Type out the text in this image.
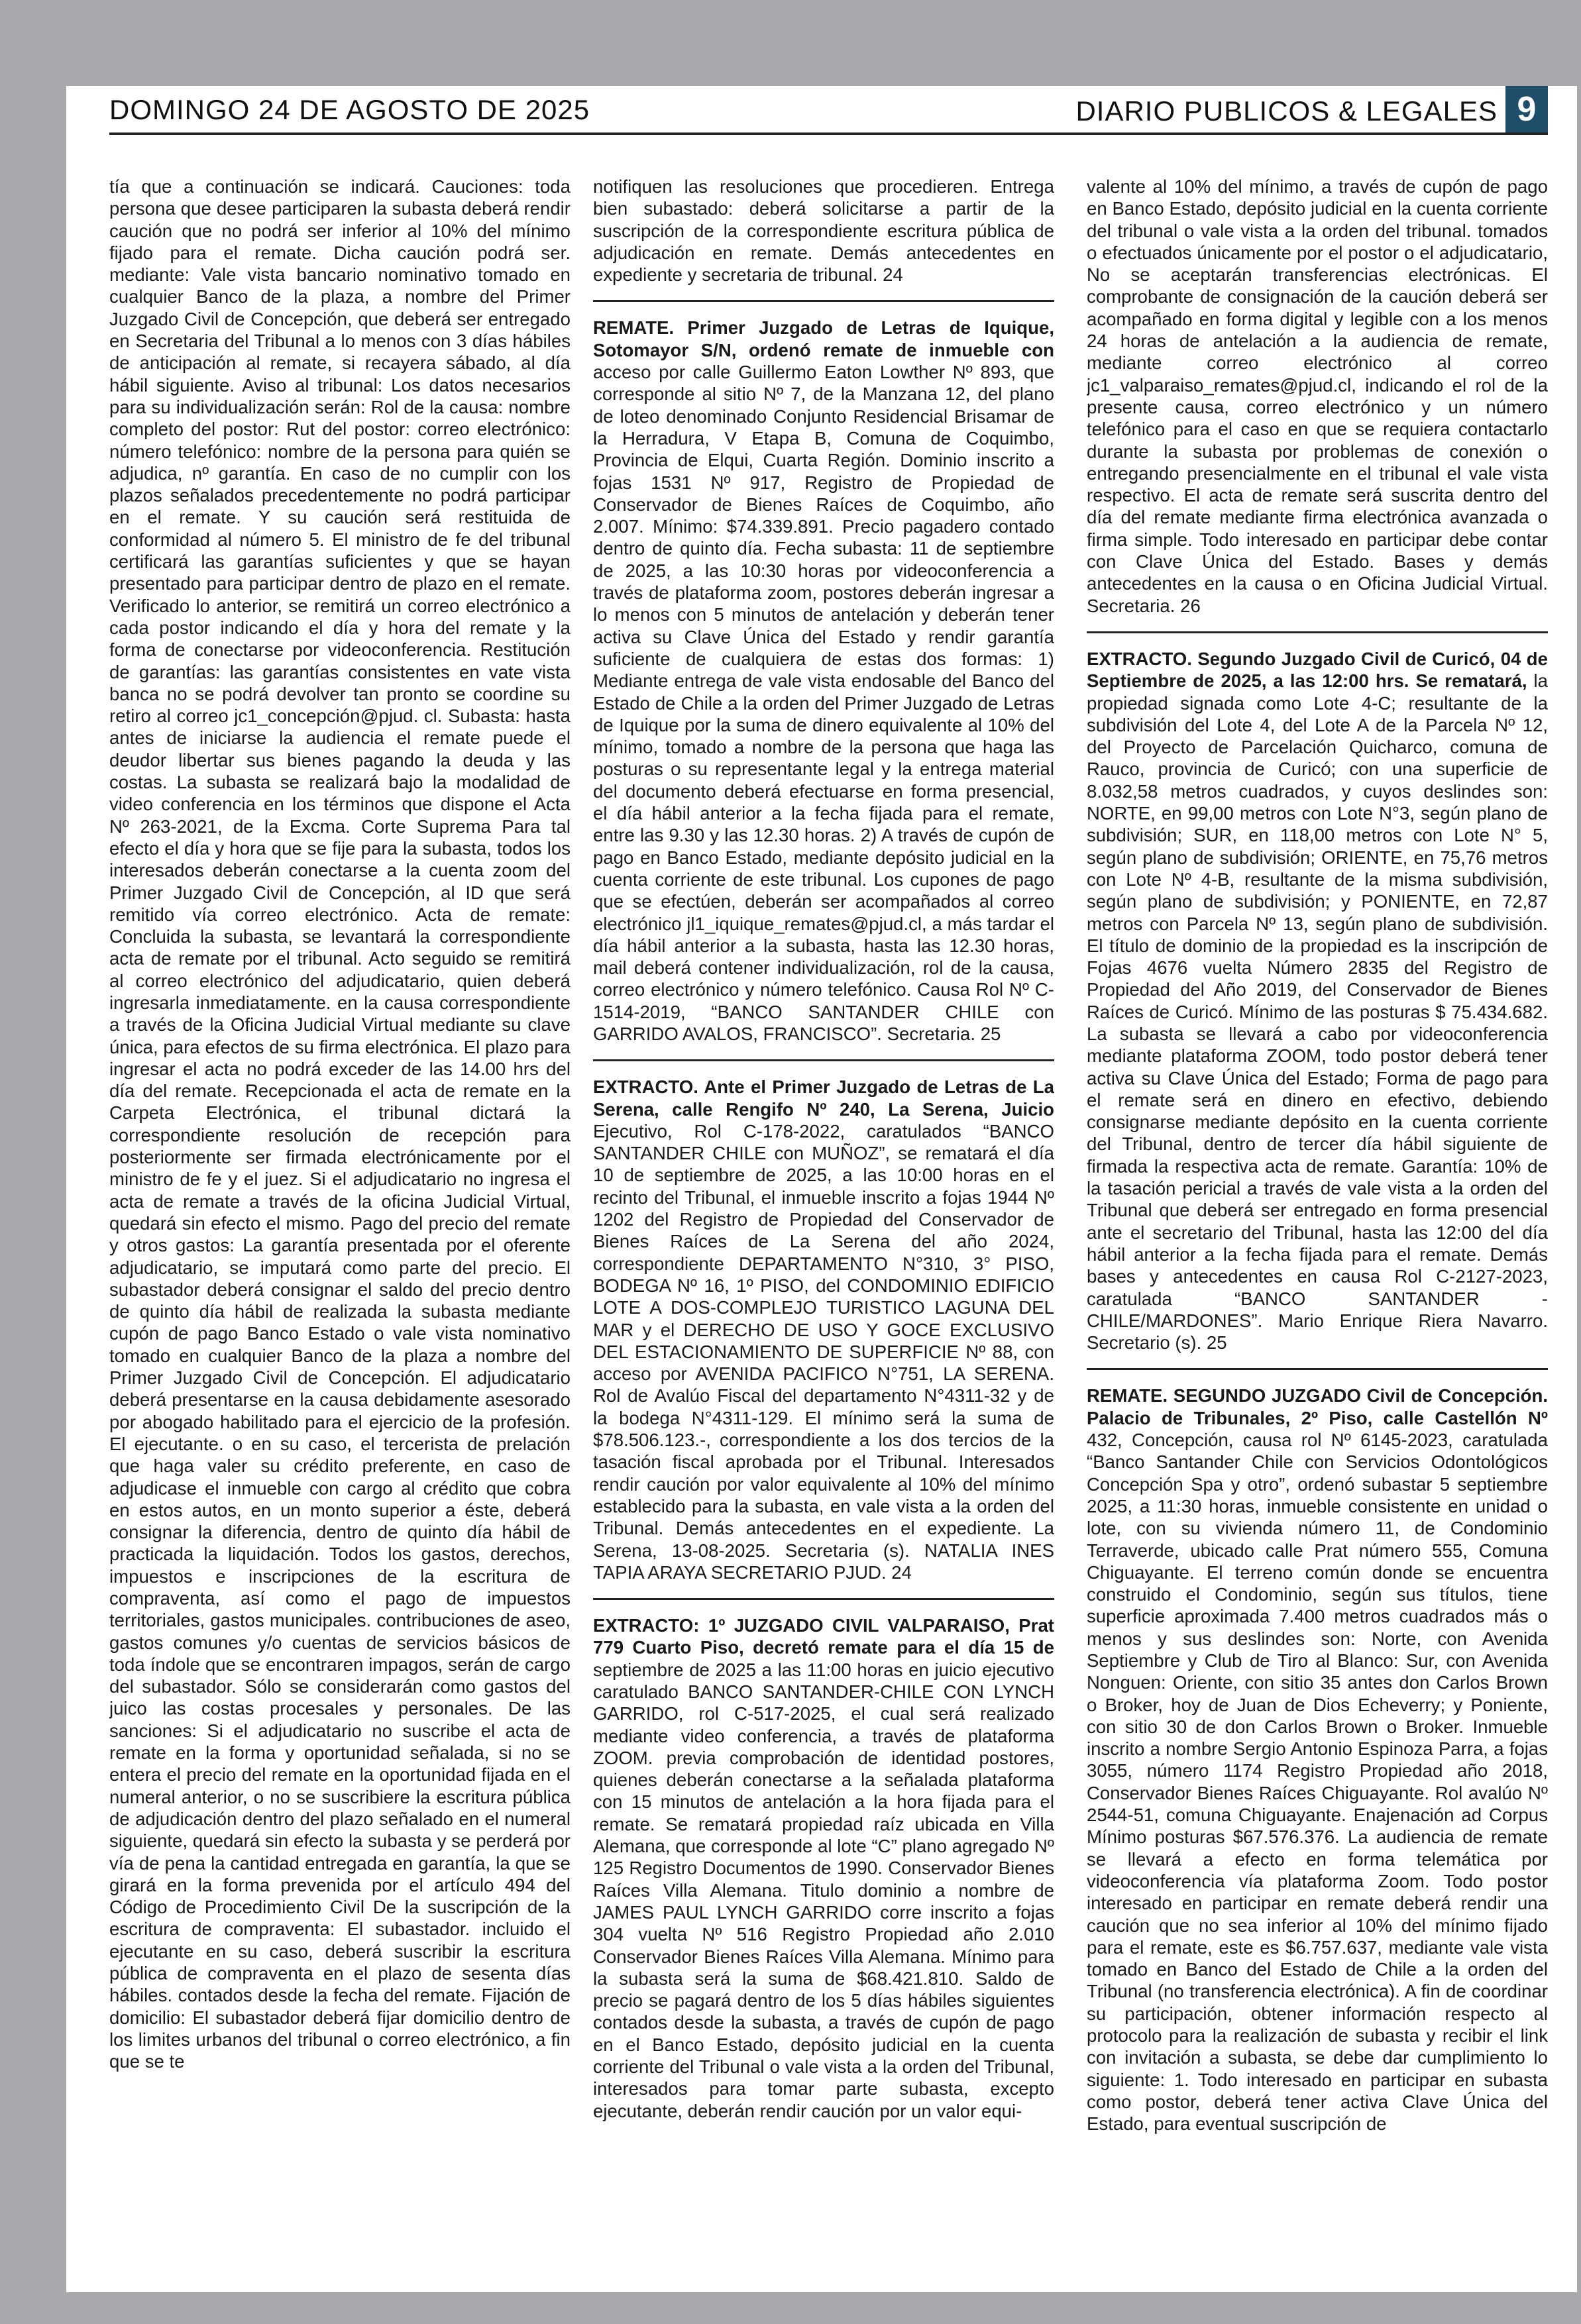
DOMINGO 24 DE AGOSTO DE 2025	DIARIO PUBLICOS & LEGALES 9

tía que a continuación se indicará. Cauciones: toda persona que desee participaren la subasta deberá rendir caución que no podrá ser inferior al 10% del mínimo fijado para el remate. Dicha caución podrá ser. mediante: Vale vista bancario nominativo tomado en cualquier Banco de la plaza, a nombre del Primer Juzgado Civil de Concepción, que deberá ser entregado en Secretaria del Tribunal a lo menos con 3 días hábiles de anticipación al remate, si recayera sábado, al día hábil siguiente. Aviso al tribunal: Los datos necesarios para su individualización serán: Rol de la causa: nombre completo del postor: Rut del postor: correo electrónico: número telefónico: nombre de la persona para quién se adjudica, nº garantía. En caso de no cumplir con los plazos señalados precedentemente no podrá participar en el remate. Y su caución será restituida de conformidad al número 5. El ministro de fe del tribunal certificará las garantías suficientes y que se hayan presentado para participar dentro de plazo en el remate. Verificado lo anterior, se remitirá un correo electrónico a cada postor indicando el día y hora del remate y la forma de conectarse por videoconferencia. Restitución de garantías: las garantías consistentes en vate vista banca no se podrá devolver tan pronto se coordine su retiro al correo jc1_concepción@pjud. cl. Subasta: hasta antes de iniciarse la audiencia el remate puede el deudor libertar sus bienes pagando la deuda y las costas. La subasta se realizará bajo la modalidad de video conferencia en los términos que dispone el Acta Nº 263-2021, de la Excma. Corte Suprema Para tal efecto el día y hora que se fije para la subasta, todos los interesados deberán conectarse a la cuenta zoom del Primer Juzgado Civil de Concepción, al ID que será remitido vía correo electrónico. Acta de remate: Concluida la subasta, se levantará la correspondiente acta de remate por el tribunal. Acto seguido se remitirá al correo electrónico del adjudicatario, quien deberá ingresarla inmediatamente. en la causa correspondiente a través de la Oficina Judicial Virtual mediante su clave única, para efectos de su firma electrónica. El plazo para ingresar el acta no podrá exceder de las 14.00 hrs del día del remate. Recepcionada el acta de remate en la Carpeta Electrónica, el tribunal dictará la correspondiente resolución de recepción para posteriormente ser firmada electrónicamente por el ministro de fe y el juez. Si el adjudicatario no ingresa el acta de remate a través de la oficina Judicial Virtual, quedará sin efecto el mismo. Pago del precio del remate y otros gastos: La garantía presentada por el oferente adjudicatario, se imputará como parte del precio. El subastador deberá consignar el saldo del precio dentro de quinto día hábil de realizada la subasta mediante cupón de pago Banco Estado o vale vista nominativo tomado en cualquier Banco de la plaza a nombre del Primer Juzgado Civil de Concepción. El adjudicatario deberá presentarse en la causa debidamente asesorado por abogado habilitado para el ejercicio de la profesión. El ejecutante. o en su caso, el tercerista de prelación que haga valer su crédito preferente, en caso de adjudicase el inmueble con cargo al crédito que cobra en estos autos, en un monto superior a éste, deberá consignar la diferencia, dentro de quinto día hábil de practicada la liquidación. Todos los gastos, derechos, impuestos e inscripciones de la escritura de compraventa, así como el pago de impuestos territoriales, gastos municipales. contribuciones de aseo, gastos comunes y/o cuentas de servicios básicos de toda índole que se encontraren impagos, serán de cargo del subastador. Sólo se considerarán como gastos del juico las costas procesales y personales. De las sanciones: Si el adjudicatario no suscribe el acta de remate en la forma y oportunidad señalada, si no se entera el precio del remate en la oportunidad fijada en el numeral anterior, o no se suscribiere la escritura pública de adjudicación dentro del plazo señalado en el numeral siguiente, quedará sin efecto la subasta y se perderá por vía de pena la cantidad entregada en garantía, la que se girará en la forma prevenida por el artículo 494 del Código de Procedimiento Civil De la suscripción de la escritura de compraventa: El subastador. incluido el ejecutante en su caso, deberá suscribir la escritura pública de compraventa en el plazo de sesenta días hábiles. contados desde la fecha del remate. Fijación de domicilio: El subastador deberá fijar domicilio dentro de los limites urbanos del tribunal o correo electrónico, a fin que se te

notifiquen las resoluciones que procedieren. Entrega bien subastado: deberá solicitarse a partir de la suscripción de la correspondiente escritura pública de adjudicación en remate. Demás antecedentes en expediente y secretaria de tribunal. 24

REMATE. Primer Juzgado de Letras de Iquique, Sotomayor S/N, ordenó remate de inmueble con acceso por calle Guillermo Eaton Lowther Nº 893, que corresponde al sitio Nº 7, de la Manzana 12, del plano de loteo denominado Conjunto Residencial Brisamar de la Herradura, V Etapa B, Comuna de Coquimbo, Provincia de Elqui, Cuarta Región. Dominio inscrito a fojas 1531 Nº 917, Registro de Propiedad de Conservador de Bienes Raíces de Coquimbo, año 2.007. Mínimo: $74.339.891. Precio pagadero contado dentro de quinto día. Fecha subasta: 11 de septiembre de 2025, a las 10:30 horas por videoconferencia a través de plataforma zoom, postores deberán ingresar a lo menos con 5 minutos de antelación y deberán tener activa su Clave Única del Estado y rendir garantía suficiente de cualquiera de estas dos formas: 1) Mediante entrega de vale vista endosable del Banco del Estado de Chile a la orden del Primer Juzgado de Letras de Iquique por la suma de dinero equivalente al 10% del mínimo, tomado a nombre de la persona que haga las posturas o su representante legal y la entrega material del documento deberá efectuarse en forma presencial, el día hábil anterior a la fecha fijada para el remate, entre las 9.30 y las 12.30 horas. 2) A través de cupón de pago en Banco Estado, mediante depósito judicial en la cuenta corriente de este tribunal. Los cupones de pago que se efectúen, deberán ser acompañados al correo electrónico jl1_iquique_remates@pjud.cl, a más tardar el día hábil anterior a la subasta, hasta las 12.30 horas, mail deberá contener individualización, rol de la causa, correo electrónico y número telefónico. Causa Rol Nº C-1514-2019, “BANCO SANTANDER CHILE con GARRIDO AVALOS, FRANCISCO”. Secretaria. 25

EXTRACTO. Ante el Primer Juzgado de Letras de La Serena, calle Rengifo Nº 240, La Serena, Juicio Ejecutivo, Rol C-178-2022, caratulados “BANCO SANTANDER CHILE con MUÑOZ”, se rematará el día 10 de septiembre de 2025, a las 10:00 horas en el recinto del Tribunal, el inmueble inscrito a fojas 1944 Nº 1202 del Registro de Propiedad del Conservador de Bienes Raíces de La Serena del año 2024, correspondiente DEPARTAMENTO N°310, 3° PISO, BODEGA Nº 16, 1º PISO, del CONDOMINIO EDIFICIO LOTE A DOS-COMPLEJO TURISTICO LAGUNA DEL MAR y el DERECHO DE USO Y GOCE EXCLUSIVO DEL ESTACIONAMIENTO DE SUPERFICIE Nº 88, con acceso por AVENIDA PACIFICO N°751, LA SERENA. Rol de Avalúo Fiscal del departamento N°4311-32 y de la bodega N°4311-129. El mínimo será la suma de $78.506.123.-, correspondiente a los dos tercios de la tasación fiscal aprobada por el Tribunal. Interesados rendir caución por valor equivalente al 10% del mínimo establecido para la subasta, en vale vista a la orden del Tribunal. Demás antecedentes en el expediente. La Serena, 13-08-2025. Secretaria (s). NATALIA INES TAPIA ARAYA SECRETARIO PJUD. 24

EXTRACTO: 1º JUZGADO CIVIL VALPARAISO, Prat 779 Cuarto Piso, decretó remate para el día 15 de septiembre de 2025 a las 11:00 horas en juicio ejecutivo caratulado BANCO SANTANDER-CHILE CON LYNCH GARRIDO, rol C-517-2025, el cual será realizado mediante video conferencia, a través de plataforma ZOOM. previa comprobación de identidad postores, quienes deberán conectarse a la señalada plataforma con 15 minutos de antelación a la hora fijada para el remate. Se rematará propiedad raíz ubicada en Villa Alemana, que corresponde al lote “C” plano agregado Nº 125 Registro Documentos de 1990. Conservador Bienes Raíces Villa Alemana. Titulo dominio a nombre de JAMES PAUL LYNCH GARRIDO corre inscrito a fojas 304 vuelta Nº 516 Registro Propiedad año 2.010 Conservador Bienes Raíces Villa Alemana. Mínimo para la subasta será la suma de $68.421.810. Saldo de precio se pagará dentro de los 5 días hábiles siguientes contados desde la subasta, a través de cupón de pago en el Banco Estado, depósito judicial en la cuenta corriente del Tribunal o vale vista a la orden del Tribunal, interesados para tomar parte subasta, excepto ejecutante, deberán rendir caución por un valor equi-

valente al 10% del mínimo, a través de cupón de pago en Banco Estado, depósito judicial en la cuenta corriente del tribunal o vale vista a la orden del tribunal. tomados o efectuados únicamente por el postor o el adjudicatario, No se aceptarán transferencias electrónicas. El comprobante de consignación de la caución deberá ser acompañado en forma digital y legible con a los menos 24 horas de antelación a la audiencia de remate, mediante correo electrónico al correo jc1_valparaiso_remates@pjud.cl, indicando el rol de la presente causa, correo electrónico y un número telefónico para el caso en que se requiera contactarlo durante la subasta por problemas de conexión o entregando presencialmente en el tribunal el vale vista respectivo. El acta de remate será suscrita dentro del día del remate mediante firma electrónica avanzada o firma simple. Todo interesado en participar debe contar con Clave Única del Estado. Bases y demás antecedentes en la causa o en Oficina Judicial Virtual. Secretaria. 26

EXTRACTO. Segundo Juzgado Civil de Curicó, 04 de Septiembre de 2025, a las 12:00 hrs. Se rematará, la propiedad signada como Lote 4-C; resultante de la subdivisión del Lote 4, del Lote A de la Parcela Nº 12, del Proyecto de Parcelación Quicharco, comuna de Rauco, provincia de Curicó; con una superficie de 8.032,58 metros cuadrados, y cuyos deslindes son: NORTE, en 99,00 metros con Lote N°3, según plano de subdivisión; SUR, en 118,00 metros con Lote N° 5, según plano de subdivisión; ORIENTE, en 75,76 metros con Lote Nº 4-B, resultante de la misma subdivisión, según plano de subdivisión; y PONIENTE, en 72,87 metros con Parcela Nº 13, según plano de subdivisión. El título de dominio de la propiedad es la inscripción de Fojas 4676 vuelta Número 2835 del Registro de Propiedad del Año 2019, del Conservador de Bienes Raíces de Curicó. Mínimo de las posturas $ 75.434.682. La subasta se llevará a cabo por videoconferencia mediante plataforma ZOOM, todo postor deberá tener activa su Clave Única del Estado; Forma de pago para el remate será en dinero en efectivo, debiendo consignarse mediante depósito en la cuenta corriente del Tribunal, dentro de tercer día hábil siguiente de firmada la respectiva acta de remate. Garantía: 10% de la tasación pericial a través de vale vista a la orden del Tribunal que deberá ser entregado en forma presencial ante el secretario del Tribunal, hasta las 12:00 del día hábil anterior a la fecha fijada para el remate. Demás bases y antecedentes en causa Rol C-2127-2023, caratulada “BANCO SANTANDER -CHILE/MARDONES”. Mario Enrique Riera Navarro. Secretario (s). 25

REMATE. SEGUNDO JUZGADO Civil de Concepción. Palacio de Tribunales, 2º Piso, calle Castellón Nº 432, Concepción, causa rol Nº 6145-2023, caratulada “Banco Santander Chile con Servicios Odontológicos Concepción Spa y otro”, ordenó subastar 5 septiembre 2025, a 11:30 horas, inmueble consistente en unidad o lote, con su vivienda número 11, de Condominio Terraverde, ubicado calle Prat número 555, Comuna Chiguayante. El terreno común donde se encuentra construido el Condominio, según sus títulos, tiene superficie aproximada 7.400 metros cuadrados más o menos y sus deslindes son: Norte, con Avenida Septiembre y Club de Tiro al Blanco: Sur, con Avenida Nonguen: Oriente, con sitio 35 antes don Carlos Brown o Broker, hoy de Juan de Dios Echeverry; y Poniente, con sitio 30 de don Carlos Brown o Broker. Inmueble inscrito a nombre Sergio Antonio Espinoza Parra, a fojas 3055, número 1174 Registro Propiedad año 2018, Conservador Bienes Raíces Chiguayante. Rol avalúo Nº 2544-51, comuna Chiguayante. Enajenación ad Corpus Mínimo posturas $67.576.376. La audiencia de remate se llevará a efecto en forma telemática por videoconferencia vía plataforma Zoom. Todo postor interesado en participar en remate deberá rendir una caución que no sea inferior al 10% del mínimo fijado para el remate, este es $6.757.637, mediante vale vista tomado en Banco del Estado de Chile a la orden del Tribunal (no transferencia electrónica). A fin de coordinar su participación, obtener información respecto al protocolo para la realización de subasta y recibir el link con invitación a subasta, se debe dar cumplimiento lo siguiente: 1. Todo interesado en participar en subasta como postor, deberá tener activa Clave Única del Estado, para eventual suscripción de
